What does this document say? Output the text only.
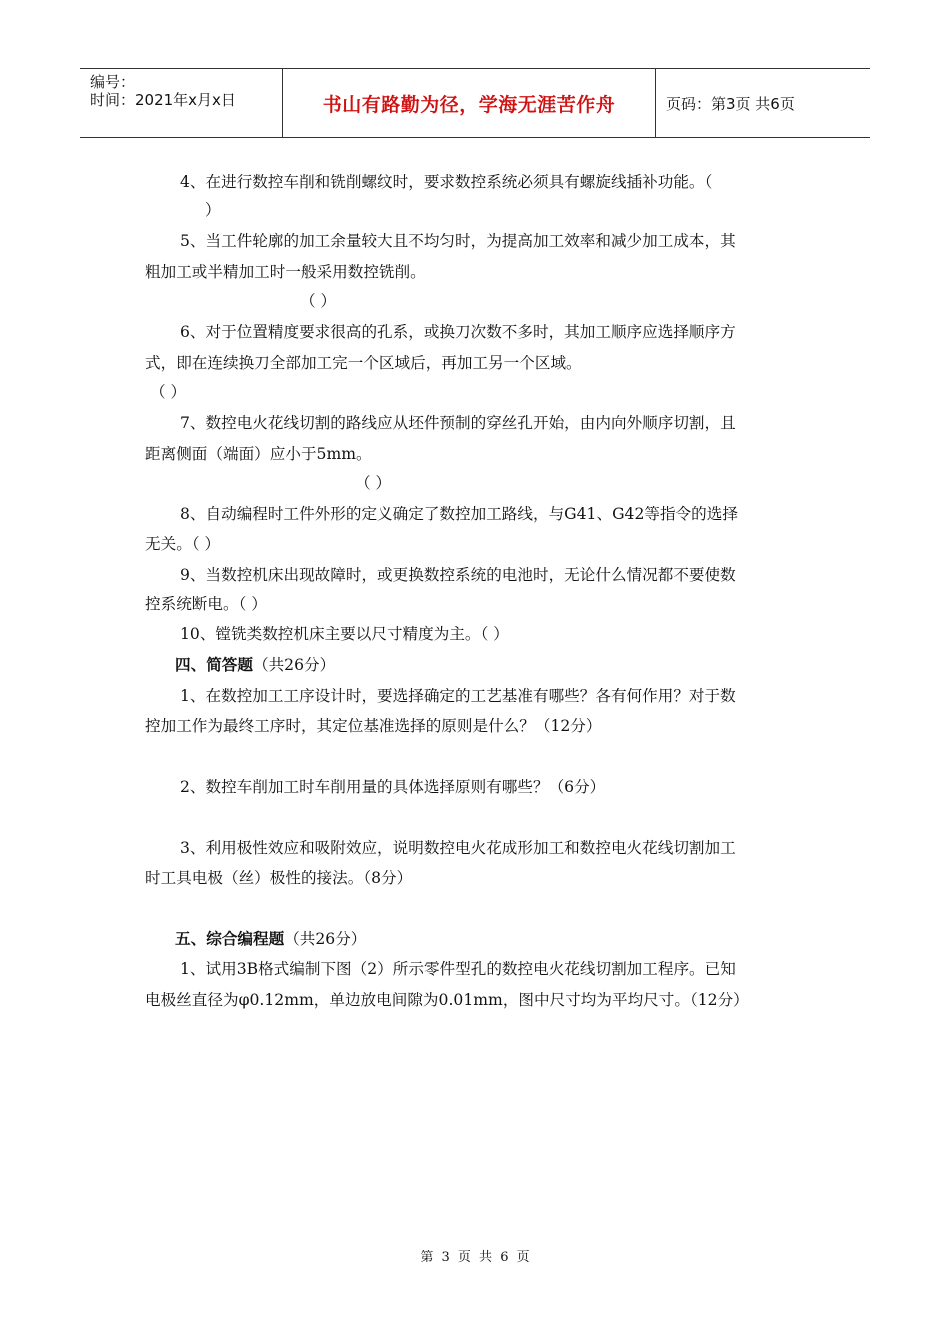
编号：
时间：2021年x月x日	书山有路勤为径，学海无涯苦作舟	页码：第3页 共6页
4、在进行数控车削和铣削螺纹时，要求数控系统必须具有螺旋线插补功能。（
）
5、当工件轮廓的加工余量较大且不均匀时，为提高加工效率和减少加工成本，其
粗加工或半精加工时一般采用数控铣削。
（ ）
6、对于位置精度要求很高的孔系，或换刀次数不多时，其加工顺序应选择顺序方
式，即在连续换刀全部加工完一个区域后，再加工另一个区域。
（ ）
7、数控电火花线切割的路线应从坯件预制的穿丝孔开始，由内向外顺序切割，且
距离侧面（端面）应小于5mm。
（ ）
8、自动编程时工件外形的定义确定了数控加工路线，与G41、G42等指令的选择
无关。（ ）
9、当数控机床出现故障时，或更换数控系统的电池时，无论什么情况都不要使数
控系统断电。（ ）
10、镗铣类数控机床主要以尺寸精度为主。（ ）
四、简答题（共26分）
1、在数控加工工序设计时，要选择确定的工艺基准有哪些？各有何作用？对于数
控加工作为最终工序时，其定位基准选择的原则是什么？（12分）
2、数控车削加工时车削用量的具体选择原则有哪些？（6分）
3、利用极性效应和吸附效应，说明数控电火花成形加工和数控电火花线切割加工
时工具电极（丝）极性的接法。（8分）
五、综合编程题（共26分）
1、试用3B格式编制下图（2）所示零件型孔的数控电火花线切割加工程序。已知
电极丝直径为φ0.12mm，单边放电间隙为0.01mm，图中尺寸均为平均尺寸。（12分）
第 3 页 共 6 页
